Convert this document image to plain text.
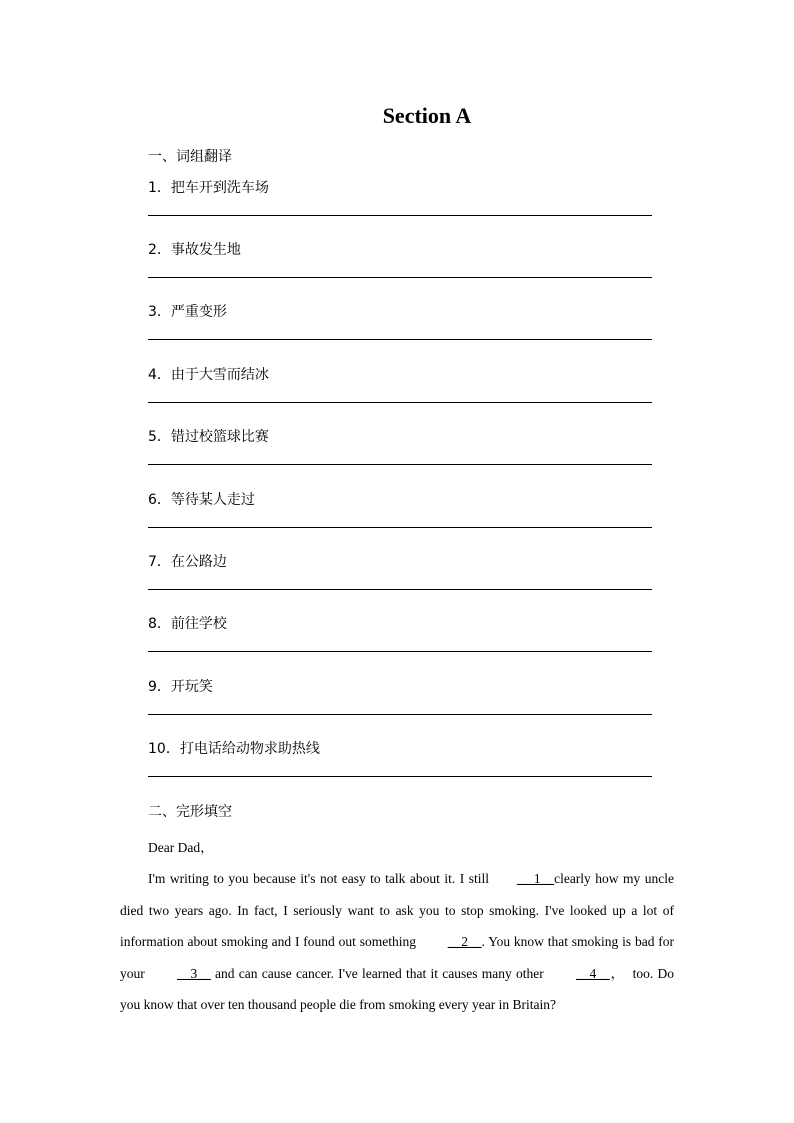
Section A
一、词组翻译
1．把车开到洗车场
2．事故发生地
3．严重变形
4．由于大雪而结冰
5．错过校篮球比赛
6．等待某人走过
7．在公路边
8．前往学校
9．开玩笑
10．打电话给动物求助热线
二、完形填空

Dear Dad，

I'm writing to you because it's not easy to talk about it. I still __ 1__clearly how my uncle died two years ago. In fact, I seriously want to ask you to stop smoking. I've looked up a lot of information about smoking and I found out something __2__. You know that smoking is bad for your __3__ and can cause cancer. I've learned that it causes many other __4__，　too. Do you know that over ten thousand people die from smoking every year in Britain?
